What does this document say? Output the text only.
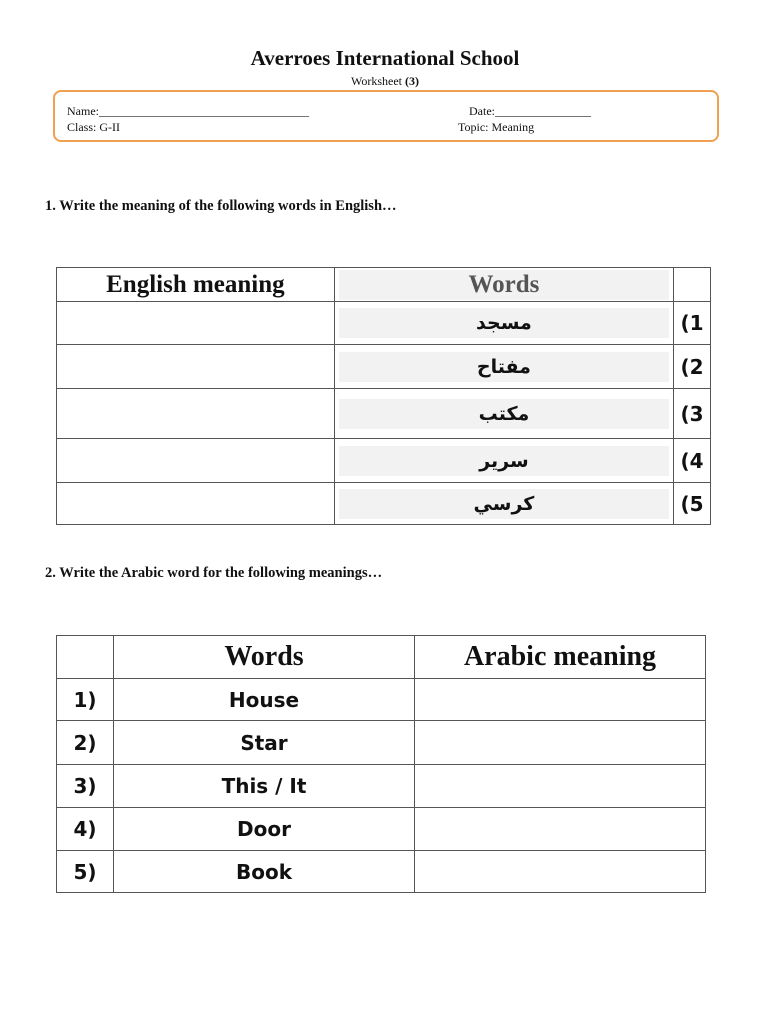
Averroes International School
Worksheet (3)
Name:___________________________________	Date:________________
Class: G-II	Topic: Meaning
1. Write the meaning of the following words in English…
English meaning	Words	

	مسجد	(1

	مفتاح	(2

	مكتب	(3

	سرير	(4

	كرسي	(5
2. Write the Arabic word for the following meanings…
	Words	Arabic meaning
1)	House	
2)	Star	
3)	This / It	
4)	Door	
5)	Book	
